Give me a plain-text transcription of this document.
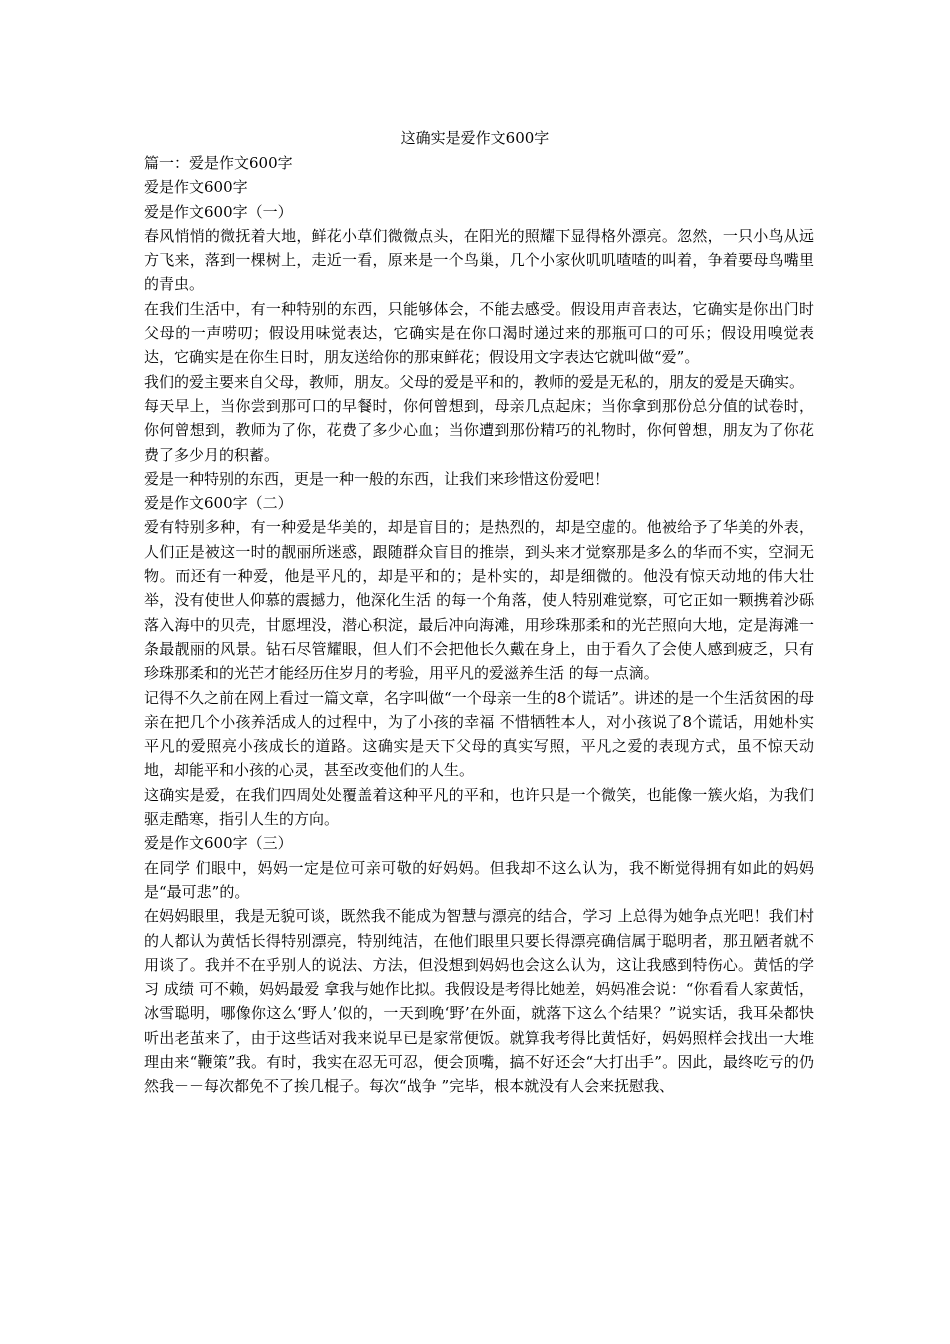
这确实是爱作文600字

篇一：爱是作文600字

爱是作文600字

爱是作文600字（一）

春风悄悄的微抚着大地，鲜花小草们微微点头，在阳光的照耀下显得格外漂亮。忽然，一只小鸟从远方飞来，落到一棵树上，走近一看，原来是一个鸟巢，几个小家伙叽叽喳喳的叫着，争着要母鸟嘴里的青虫。

在我们生活中，有一种特别的东西，只能够体会，不能去感受。假设用声音表达，它确实是你出门时父母的一声唠叨；假设用味觉表达，它确实是在你口渴时递过来的那瓶可口的可乐；假设用嗅觉表达，它确实是在你生日时，朋友送给你的那束鲜花；假设用文字表达它就叫做“爱”。

我们的爱主要来自父母，教师，朋友。父母的爱是平和的，教师的爱是无私的，朋友的爱是天确实。

每天早上，当你尝到那可口的早餐时，你何曾想到，母亲几点起床；当你拿到那份总分值的试卷时，你何曾想到，教师为了你，花费了多少心血；当你遭到那份精巧的礼物时，你何曾想，朋友为了你花费了多少月的积蓄。

爱是一种特别的东西，更是一种一般的东西，让我们来珍惜这份爱吧！

爱是作文600字（二）

爱有特别多种，有一种爱是华美的，却是盲目的；是热烈的，却是空虚的。他被给予了华美的外表，人们正是被这一时的靓丽所迷惑，跟随群众盲目的推崇，到头来才觉察那是多么的华而不实，空洞无物。而还有一种爱，他是平凡的，却是平和的；是朴实的，却是细微的。他没有惊天动地的伟大壮举，没有使世人仰慕的震撼力，他深化生活 的每一个角落，使人特别难觉察，可它正如一颗携着沙砾落入海中的贝壳，甘愿埋没，潜心积淀，最后冲向海滩，用珍珠那柔和的光芒照向大地，定是海滩一条最靓丽的风景。钻石尽管耀眼，但人们不会把他长久戴在身上，由于看久了会使人感到疲乏，只有珍珠那柔和的光芒才能经历住岁月的考验，用平凡的爱滋养生活 的每一点滴。

记得不久之前在网上看过一篇文章，名字叫做“一个母亲一生的8个谎话”。讲述的是一个生活贫困的母亲在把几个小孩养活成人的过程中，为了小孩的幸福 不惜牺牲本人，对小孩说了8个谎话，用她朴实平凡的爱照亮小孩成长的道路。这确实是天下父母的真实写照，平凡之爱的表现方式，虽不惊天动地，却能平和小孩的心灵，甚至改变他们的人生。

这确实是爱，在我们四周处处覆盖着这种平凡的平和，也许只是一个微笑，也能像一簇火焰，为我们驱走酷寒，指引人生的方向。

爱是作文600字（三）

在同学 们眼中，妈妈一定是位可亲可敬的好妈妈。但我却不这么认为，我不断觉得拥有如此的妈妈是“最可悲”的。

在妈妈眼里，我是无貌可谈，既然我不能成为智慧与漂亮的结合，学习 上总得为她争点光吧！我们村的人都认为黄恬长得特别漂亮，特别纯洁，在他们眼里只要长得漂亮确信属于聪明者，那丑陋者就不用谈了。我并不在乎别人的说法、方法，但没想到妈妈也会这么认为，这让我感到特伤心。黄恬的学习 成绩 可不赖，妈妈最爱 拿我与她作比拟。我假设是考得比她差，妈妈准会说：“你看看人家黄恬，冰雪聪明，哪像你这么‘野人’似的，一天到晚‘野’在外面，就落下这么个结果？”说实话，我耳朵都快听出老茧来了，由于这些话对我来说早已是家常便饭。就算我考得比黄恬好，妈妈照样会找出一大堆理由来“鞭策”我。有时，我实在忍无可忍，便会顶嘴，搞不好还会“大打出手”。因此，最终吃亏的仍然我－－每次都免不了挨几棍子。每次“战争 ”完毕，根本就没有人会来抚慰我、
